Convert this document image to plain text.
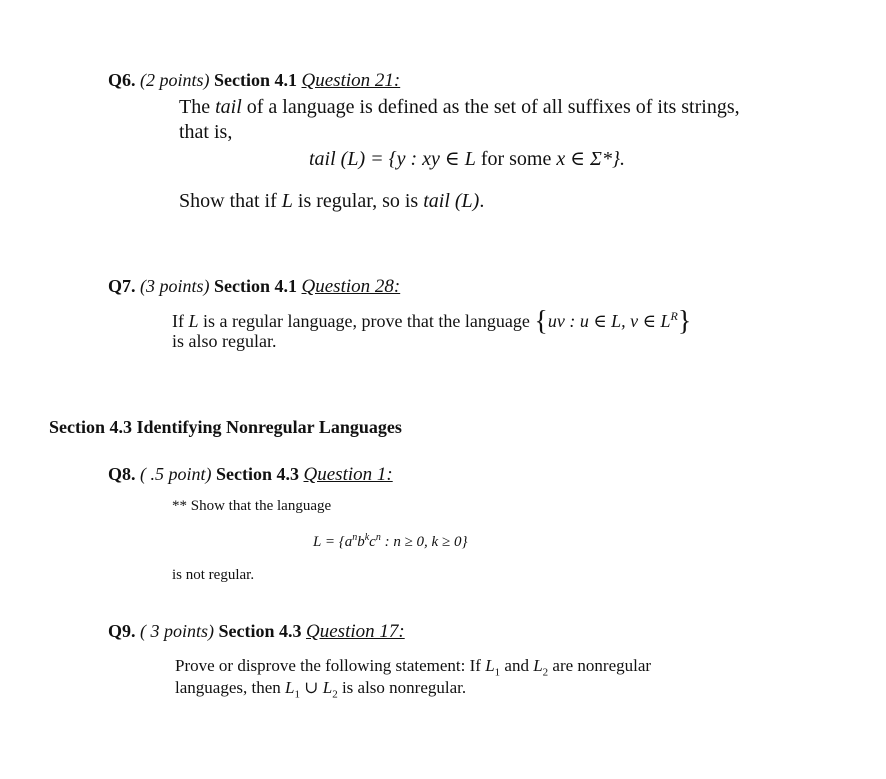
Q6. (2 points) Section 4.1 Question 21:
The tail of a language is defined as the set of all suffixes of its strings,
that is,
tail (L) = {y : xy ∈ L for some x ∈ Σ*}.
Show that if L is regular, so is tail (L).
Q7. (3 points) Section 4.1 Question 28:
If L is a regular language, prove that the language {uv : u ∈ L, v ∈ $L^R$}
is also regular.
Section 4.3 Identifying Nonregular Languages
Q8. ( .5 point) Section 4.3 Question 1:
** Show that the language
$L = \{a^nb^kc^n$ : n ≥ 0, k ≥ 0}
is not regular.
Q9. ( 3 points) Section 4.3 Question 17:
Prove or disprove the following statement: If $L_1$ and $L_2$ are nonregular
languages, then $L_1$ ∪ $L_2$ is also nonregular.
